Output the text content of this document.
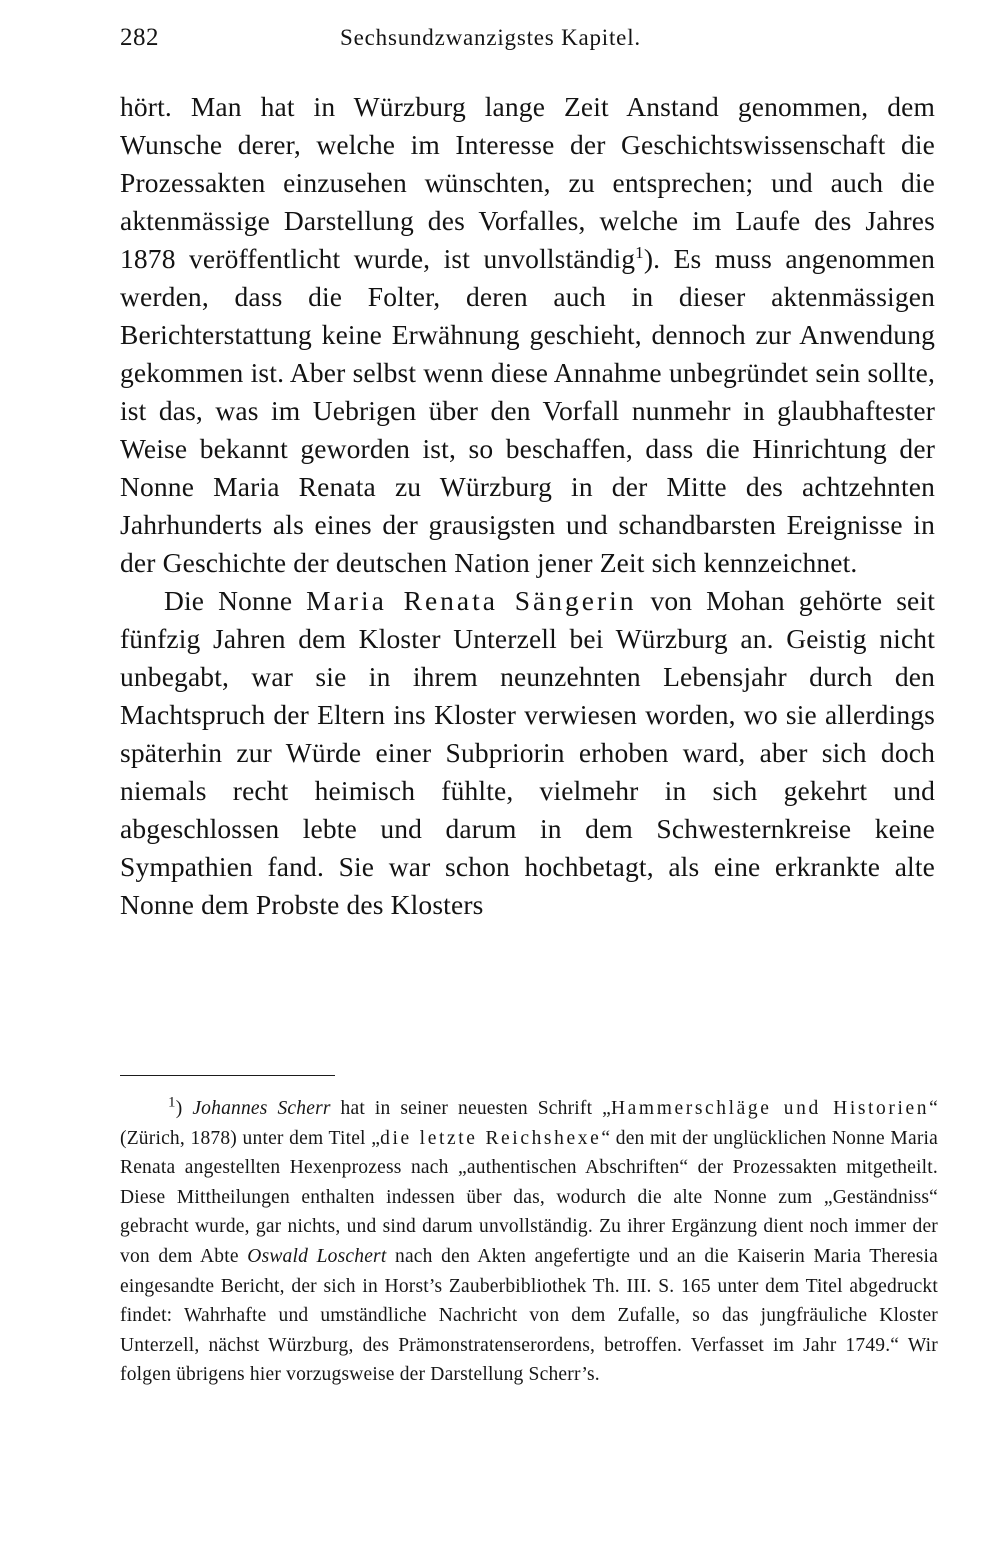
282	Sechsundzwanzigstes Kapitel.

hört. Man hat in Würzburg lange Zeit Anstand genommen, dem Wunsche derer, welche im Interesse der Geschichtswissenschaft die Prozessakten einzusehen wünschten, zu entsprechen; und auch die aktenmässige Darstellung des Vorfalles, welche im Laufe des Jahres 1878 veröffentlicht wurde, ist unvollständig$^1$). Es muss angenommen werden, dass die Folter, deren auch in dieser aktenmässigen Berichterstattung keine Erwähnung geschieht, dennoch zur Anwendung gekommen ist. Aber selbst wenn diese Annahme unbegründet sein sollte, ist das, was im Uebrigen über den Vorfall nunmehr in glaubhaftester Weise bekannt geworden ist, so beschaffen, dass die Hinrichtung der Nonne Maria Renata zu Würzburg in der Mitte des achtzehnten Jahrhunderts als eines der grausigsten und schandbarsten Ereignisse in der Geschichte der deutschen Nation jener Zeit sich kennzeichnet.

Die Nonne Maria Renata Sängerin von Mohan gehörte seit fünfzig Jahren dem Kloster Unterzell bei Würzburg an. Geistig nicht unbegabt, war sie in ihrem neunzehnten Lebensjahr durch den Machtspruch der Eltern ins Kloster verwiesen worden, wo sie allerdings späterhin zur Würde einer Subpriorin erhoben ward, aber sich doch niemals recht heimisch fühlte, vielmehr in sich gekehrt und abgeschlossen lebte und darum in dem Schwesternkreise keine Sympathien fand. Sie war schon hochbetagt, als eine erkrankte alte Nonne dem Probste des Klosters

$^1$) Johannes Scherr hat in seiner neuesten Schrift „Hammerschläge und Historien“ (Zürich, 1878) unter dem Titel „die letzte Reichshexe“ den mit der unglücklichen Nonne Maria Renata angestellten Hexenprozess nach „authentischen Abschriften“ der Prozessakten mitgetheilt. Diese Mittheilungen enthalten indessen über das, wodurch die alte Nonne zum „Geständniss“ gebracht wurde, gar nichts, und sind darum unvollständig. Zu ihrer Ergänzung dient noch immer der von dem Abte Oswald Loschert nach den Akten angefertigte und an die Kaiserin Maria Theresia eingesandte Bericht, der sich in Horst’s Zauberbibliothek Th. III. S. 165 unter dem Titel abgedruckt findet: Wahrhafte und umständliche Nachricht von dem Zufalle, so das jungfräuliche Kloster Unterzell, nächst Würzburg, des Prämonstratenserordens, betroffen. Verfasset im Jahr 1749.“ Wir folgen übrigens hier vorzugsweise der Darstellung Scherr’s.
